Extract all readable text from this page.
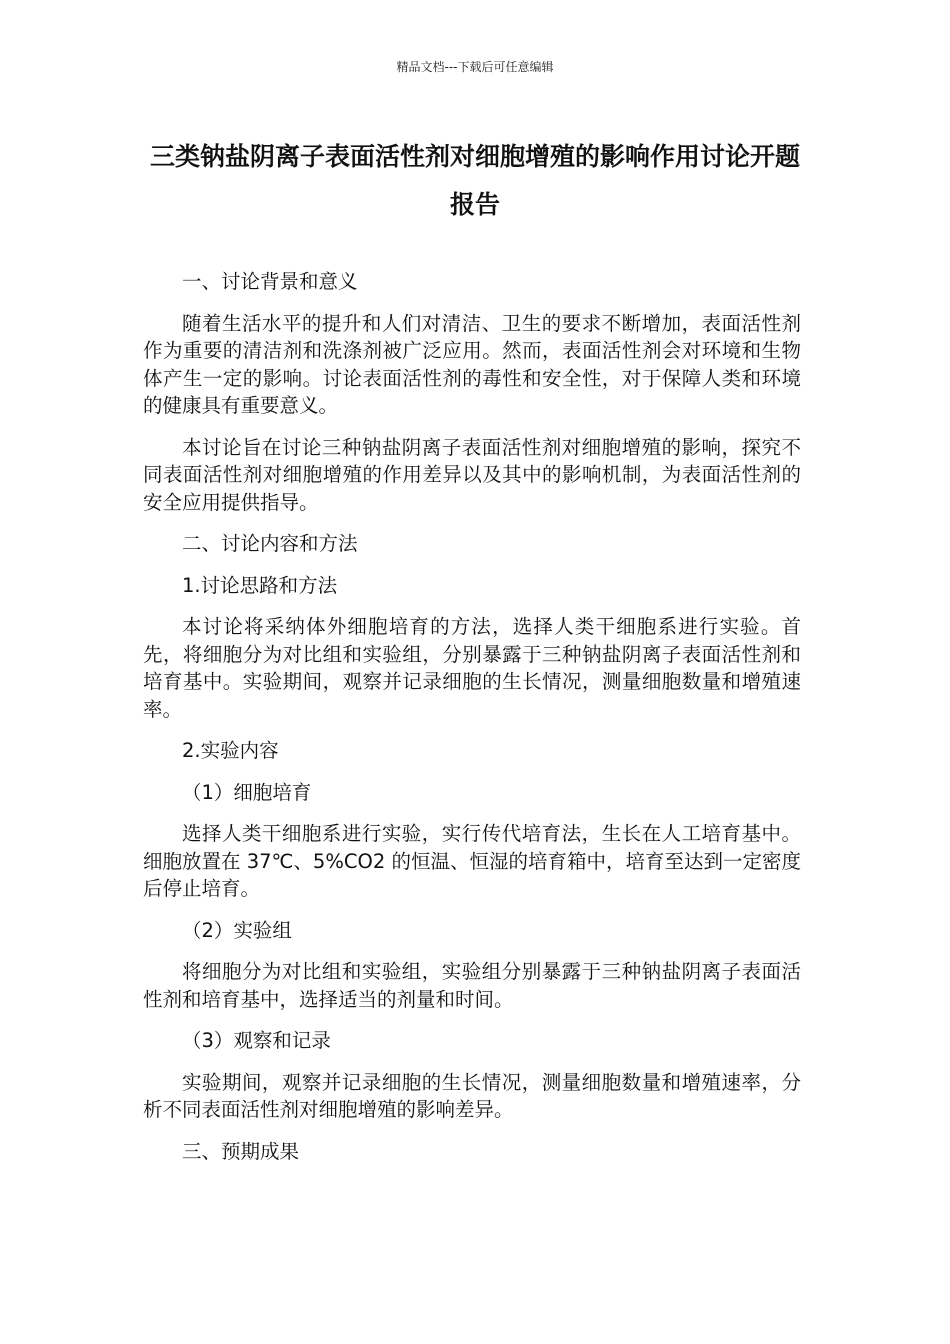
精品文档---下载后可任意编辑
三类钠盐阴离子表面活性剂对细胞增殖的影响作用讨论开题报告

一、讨论背景和意义

随着生活水平的提升和人们对清洁、卫生的要求不断增加，表面活性剂作为重要的清洁剂和洗涤剂被广泛应用。然而，表面活性剂会对环境和生物体产生一定的影响。讨论表面活性剂的毒性和安全性，对于保障人类和环境的健康具有重要意义。

本讨论旨在讨论三种钠盐阴离子表面活性剂对细胞增殖的影响，探究不同表面活性剂对细胞增殖的作用差异以及其中的影响机制，为表面活性剂的安全应用提供指导。

二、讨论内容和方法

1.讨论思路和方法

本讨论将采纳体外细胞培育的方法，选择人类干细胞系进行实验。首先，将细胞分为对比组和实验组，分别暴露于三种钠盐阴离子表面活性剂和培育基中。实验期间，观察并记录细胞的生长情况，测量细胞数量和增殖速率。

2.实验内容

（1）细胞培育

选择人类干细胞系进行实验，实行传代培育法，生长在人工培育基中。细胞放置在 37℃、5%CO2 的恒温、恒湿的培育箱中，培育至达到一定密度后停止培育。

（2）实验组

将细胞分为对比组和实验组，实验组分别暴露于三种钠盐阴离子表面活性剂和培育基中，选择适当的剂量和时间。

（3）观察和记录

实验期间，观察并记录细胞的生长情况，测量细胞数量和增殖速率，分析不同表面活性剂对细胞增殖的影响差异。

三、预期成果
